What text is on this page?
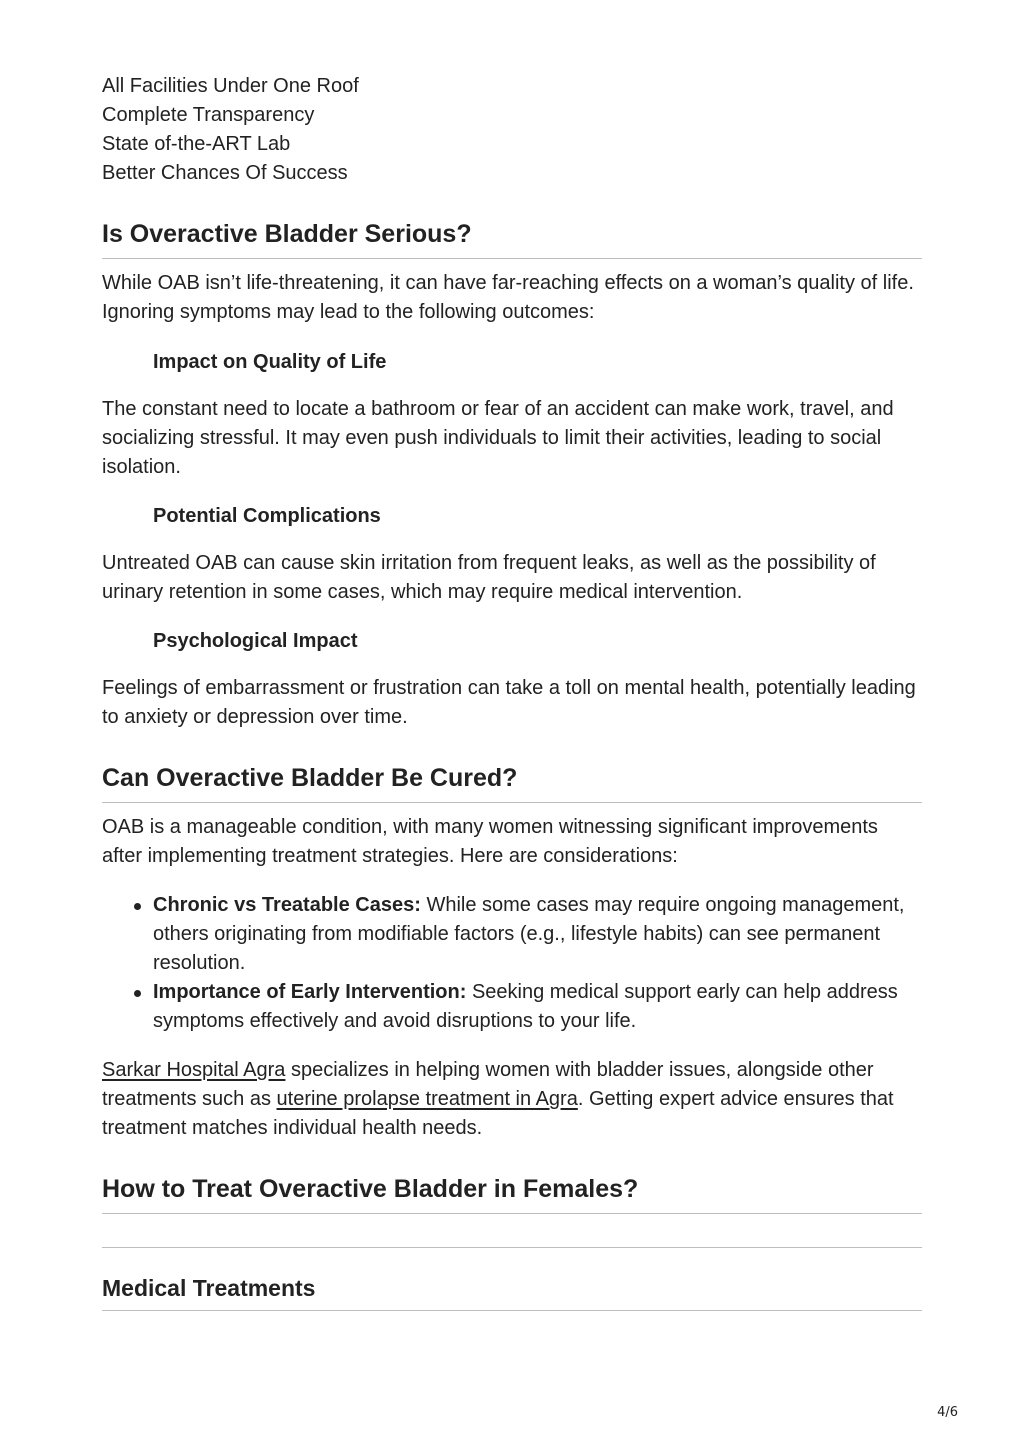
All Facilities Under One Roof

Complete Transparency

State of-the-ART Lab

Better Chances Of Success

Is Overactive Bladder Serious?

While OAB isn’t life-threatening, it can have far-reaching effects on a woman’s quality of life. Ignoring symptoms may lead to the following outcomes:

Impact on Quality of Life

The constant need to locate a bathroom or fear of an accident can make work, travel, and socializing stressful. It may even push individuals to limit their activities, leading to social isolation.

Potential Complications

Untreated OAB can cause skin irritation from frequent leaks, as well as the possibility of urinary retention in some cases, which may require medical intervention.

Psychological Impact

Feelings of embarrassment or frustration can take a toll on mental health, potentially leading to anxiety or depression over time.

Can Overactive Bladder Be Cured?

OAB is a manageable condition, with many women witnessing significant improvements after implementing treatment strategies. Here are considerations:

Chronic vs Treatable Cases: While some cases may require ongoing management, others originating from modifiable factors (e.g., lifestyle habits) can see permanent resolution.
Importance of Early Intervention: Seeking medical support early can help address symptoms effectively and avoid disruptions to your life.

Sarkar Hospital Agra specializes in helping women with bladder issues, alongside other treatments such as uterine prolapse treatment in Agra. Getting expert advice ensures that treatment matches individual health needs.

How to Treat Overactive Bladder in Females?
Medical Treatments
4/6
